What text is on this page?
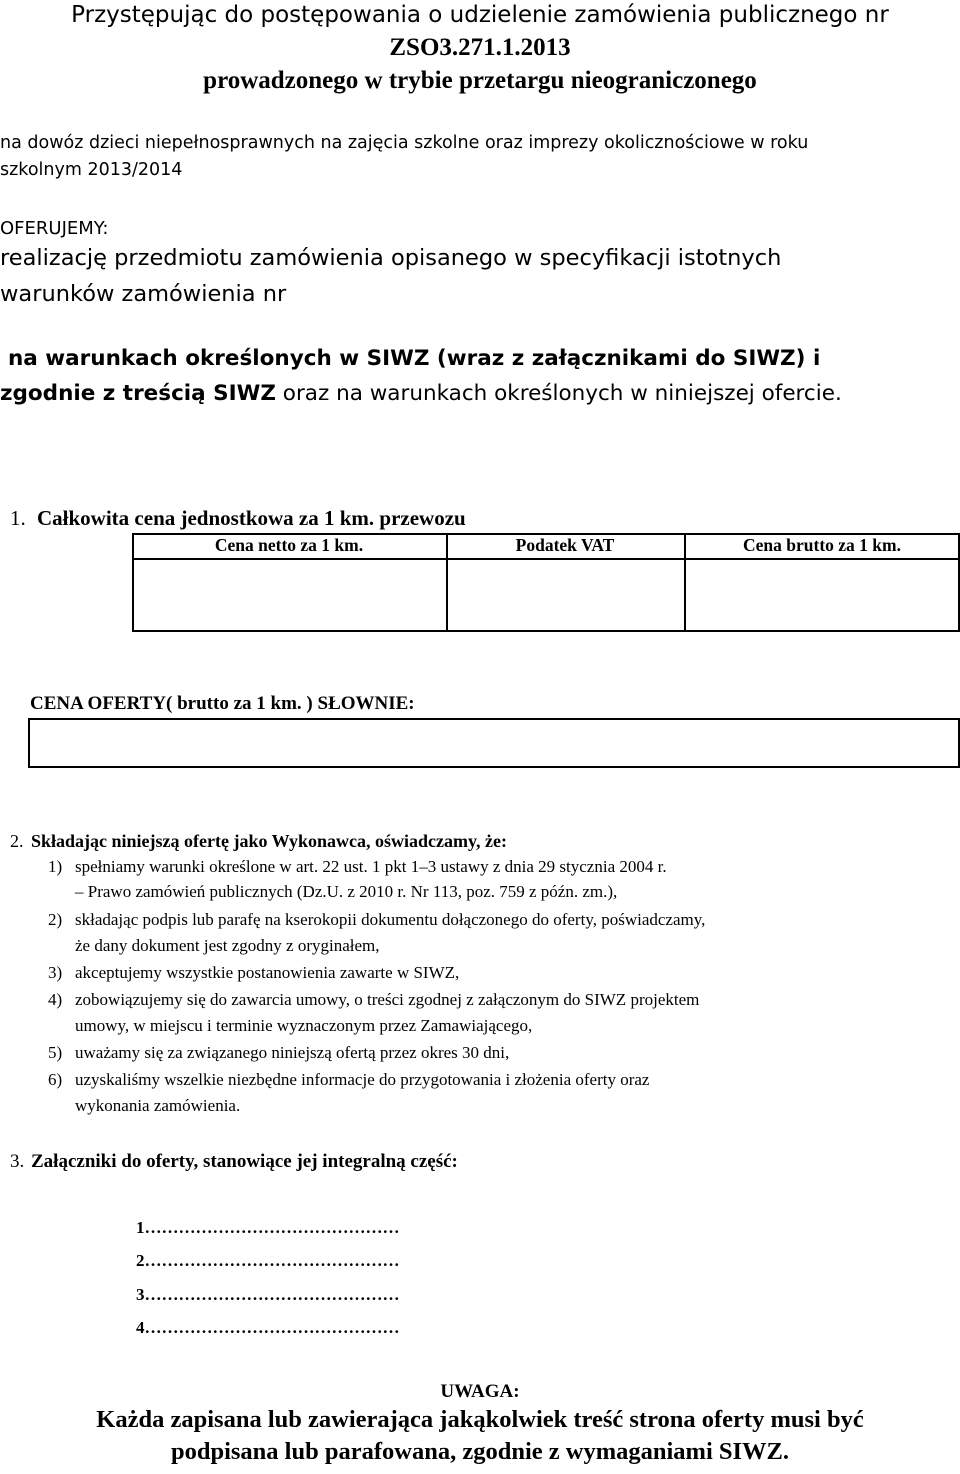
Przystępując do postępowania o udzielenie zamówienia publicznego nr
ZSO3.271.1.2013
prowadzonego w trybie przetargu nieograniczonego
na dowóz dzieci niepełnosprawnych na zajęcia szkolne oraz imprezy okolicznościowe w roku
szkolnym 2013/2014
OFERUJEMY:
realizację przedmiotu zamówienia opisanego w specyfikacji istotnych
warunków zamówienia nr
na warunkach określonych w SIWZ (wraz z załącznikami do SIWZ) i
zgodnie z treścią SIWZ oraz na warunkach określonych w niniejszej ofercie.
1. Całkowita cena jednostkowa za 1 km. przewozu
Cena netto za 1 km.	Podatek VAT	Cena brutto za 1 km.
CENA OFERTY( brutto za 1 km. ) SŁOWNIE:
2. Składając niniejszą ofertę jako Wykonawca, oświadczamy, że:
1) spełniamy warunki określone w art. 22 ust. 1 pkt 1–3 ustawy z dnia 29 stycznia 2004 r.
– Prawo zamówień publicznych (Dz.U. z 2010 r. Nr 113, poz. 759 z późn. zm.),
2) składając podpis lub parafę na kserokopii dokumentu dołączonego do oferty, poświadczamy,
że dany dokument jest zgodny z oryginałem,
3) akceptujemy wszystkie postanowienia zawarte w SIWZ,
4) zobowiązujemy się do zawarcia umowy, o treści zgodnej z załączonym do SIWZ projektem
umowy, w miejscu i terminie wyznaczonym przez Zamawiającego,
5) uważamy się za związanego niniejszą ofertą przez okres 30 dni,
6) uzyskaliśmy wszelkie niezbędne informacje do przygotowania i złożenia oferty oraz
wykonania zamówienia.
3. Załączniki do oferty, stanowiące jej integralną część:
1………………………………………
2………………………………………
3………………………………………
4………………………………………
UWAGA:
Każda zapisana lub zawierająca jakąkolwiek treść strona oferty musi być
podpisana lub parafowana, zgodnie z wymaganiami SIWZ.
